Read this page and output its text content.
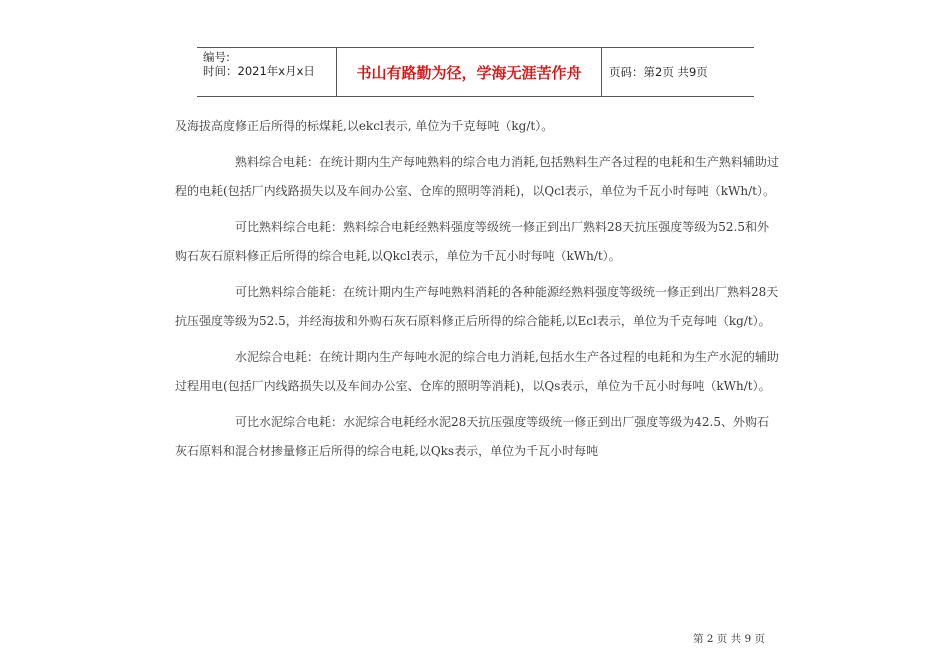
编号:
时间：2021年x月x日	书山有路勤为径，学海无涯苦作舟	页码：第2页 共9页

及海拔高度修正后所得的标煤耗,以ekcl表示, 单位为千克每吨（kg/t）。

熟料综合电耗：在统计期内生产每吨熟料的综合电力消耗,包括熟料生产各过程的电耗和生产熟料辅助过程的电耗(包括厂内线路损失以及车间办公室、仓库的照明等消耗)，以Qcl表示，单位为千瓦小时每吨（kWh/t）。

可比熟料综合电耗：熟料综合电耗经熟料强度等级统一修正到出厂熟料28天抗压强度等级为52.5和外购石灰石原料修正后所得的综合电耗,以Qkcl表示，单位为千瓦小时每吨（kWh/t）。

可比熟料综合能耗：在统计期内生产每吨熟料消耗的各种能源经熟料强度等级统一修正到出厂熟料28天抗压强度等级为52.5，并经海拔和外购石灰石原料修正后所得的综合能耗,以Ecl表示，单位为千克每吨（kg/t）。

水泥综合电耗：在统计期内生产每吨水泥的综合电力消耗,包括水生产各过程的电耗和为生产水泥的辅助过程用电(包括厂内线路损失以及车间办公室、仓库的照明等消耗)，以Qs表示，单位为千瓦小时每吨（kWh/t）。

可比水泥综合电耗：水泥综合电耗经水泥28天抗压强度等级统一修正到出厂强度等级为42.5、外购石灰石原料和混合材掺量修正后所得的综合电耗,以Qks表示，单位为千瓦小时每吨

第 2 页 共 9 页
